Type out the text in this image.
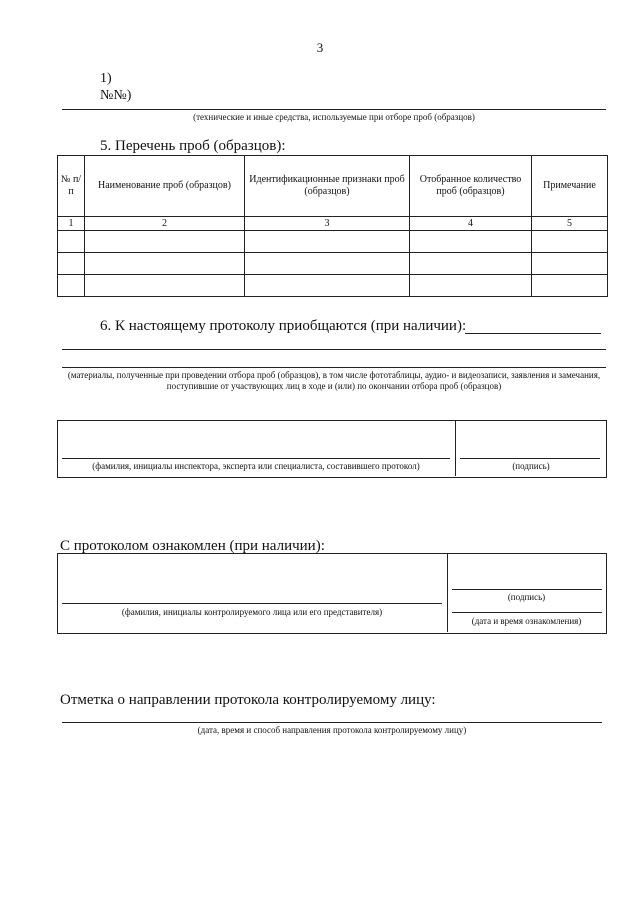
3
1)
№№)
(технические и иные средства, используемые при отборе проб (образцов)
5. Перечень проб (образцов):
№ п/п	Наименование проб (образцов)	Идентификационные признаки проб (образцов)	Отобранное количество проб (образцов)	Примечание
1	2	3	4	5

6. К настоящему протоколу приобщаются (при наличии):
(материалы, полученные при проведении отбора проб (образцов), в том числе фототаблицы, аудио- и видеозаписи, заявления и замечания, поступившие от участвующих лиц в ходе и (или) по окончании отбора проб (образцов)
(фамилия, инициалы инспектора, эксперта или специалиста, составившего протокол)	(подпись)
С протоколом ознакомлен (при наличии):
(фамилия, инициалы контролируемого лица или его представителя)
(подпись)
(дата и время ознакомления)
Отметка о направлении протокола контролируемому лицу:
(дата, время и способ направления протокола контролируемому лицу)
